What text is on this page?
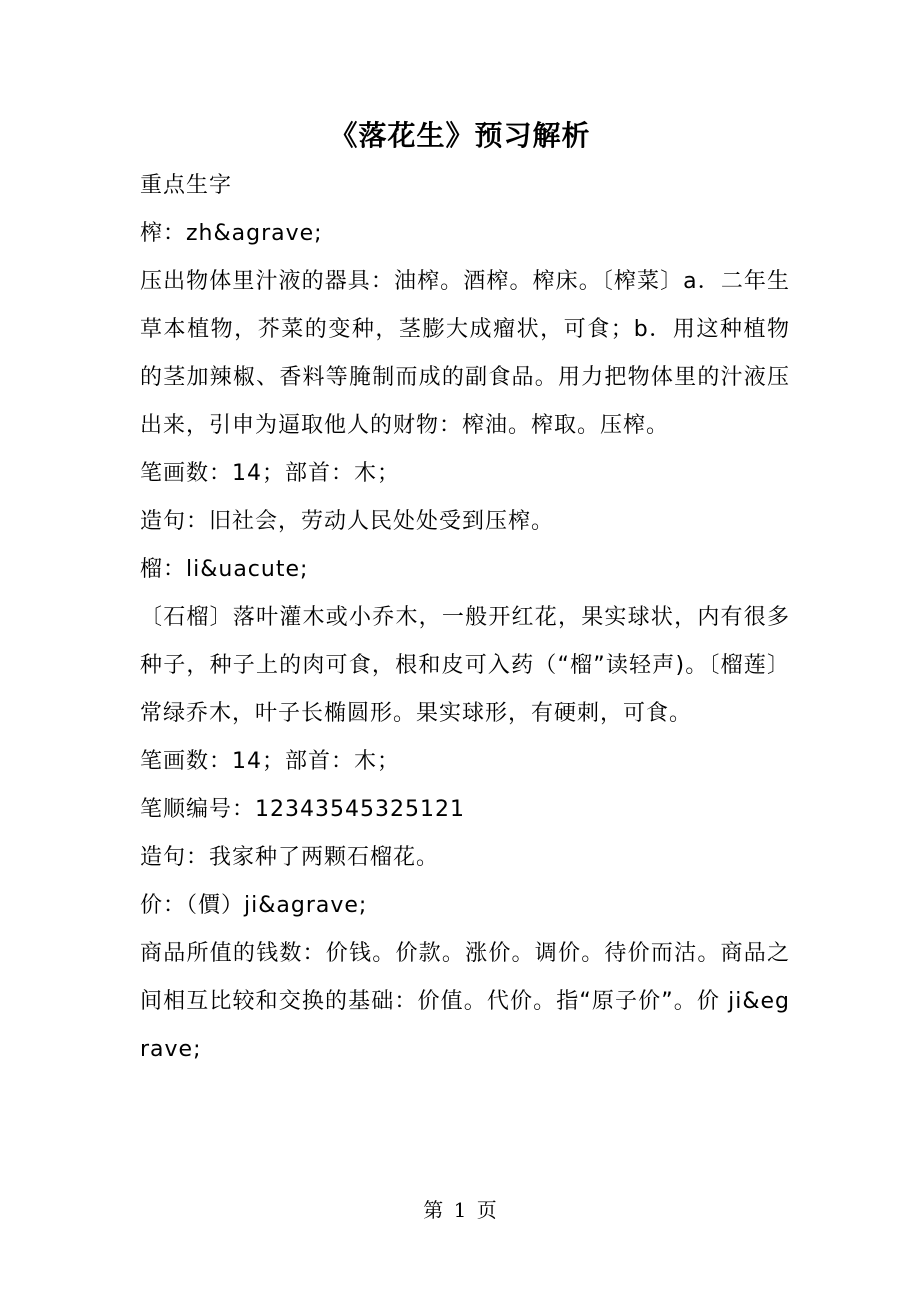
《落花生》预习解析

重点生字

榨：zh&agrave;

压出物体里汁液的器具：油榨。酒榨。榨床。〔榨菜〕a．二年生草本植物，芥菜的变种，茎膨大成瘤状，可食；b．用这种植物的茎加辣椒、香料等腌制而成的副食品。用力把物体里的汁液压出来，引申为逼取他人的财物：榨油。榨取。压榨。

笔画数：14；部首：木；

造句：旧社会，劳动人民处处受到压榨。

榴：li&uacute;

〔石榴〕落叶灌木或小乔木，一般开红花，果实球状，内有很多种子，种子上的肉可食，根和皮可入药（“榴”读轻声)。〔榴莲〕常绿乔木，叶子长椭圆形。果实球形，有硬刺，可食。

笔画数：14；部首：木；

笔顺编号：12343545325121

造句：我家种了两颗石榴花。

价：（價）ji&agrave;

商品所值的钱数：价钱。价款。涨价。调价。待价而沽。商品之间相互比较和交换的基础：价值。代价。指“原子价”。价 ji&egrave;

第 1 页
